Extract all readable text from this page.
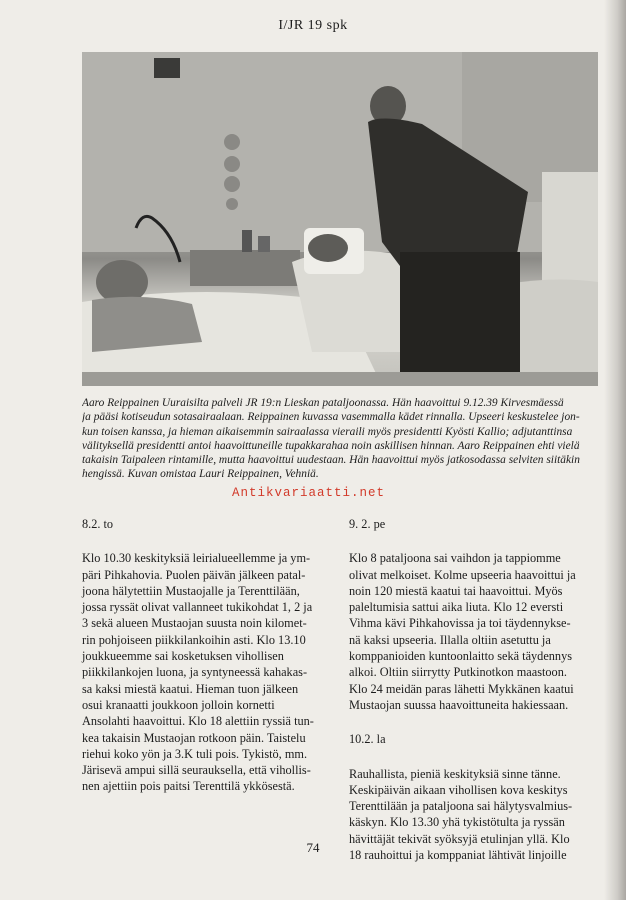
I/JR 19 spk
Aaro Reippainen Uuraisilta palveli JR 19:n Lieskan pataljoonassa. Hän haavoittui 9.12.39 Kirvesmäessä
ja pääsi kotiseudun sotasairaalaan. Reippainen kuvassa vasemmalla kädet rinnalla. Upseeri keskustelee jon-
kun toisen kanssa, ja hieman aikaisemmin sairaalassa vieraili myös presidentti Kyösti Kallio; adjutanttinsa
välityksellä presidentti antoi haavoittuneille tupakkarahaa noin askillisen hinnan. Aaro Reippainen ehti vielä
takaisin Taipaleen rintamille, mutta haavoittui uudestaan. Hän haavoittui myös jatkosodassa selviten siitäkin
hengissä. Kuvan omistaa Lauri Reippainen, Vehniä.
Antikvariaatti.net
8.2. to
Klo 10.30 keskityksiä leirialueellemme ja ym-
päri Pihkahovia. Puolen päivän jälkeen patal-
joona hälytettiin Mustaojalle ja Terenttilään,
jossa ryssät olivat vallanneet tukikohdat 1, 2 ja
3 sekä alueen Mustaojan suusta noin kilomet-
rin pohjoiseen piikkilankoihin asti. Klo 13.10
joukkueemme sai kosketuksen vihollisen
piikkilankojen luona, ja syntyneessä kahakas-
sa kaksi miestä kaatui. Hieman tuon jälkeen
osui kranaatti joukkoon jolloin kornetti
Ansolahti haavoittui. Klo 18 alettiin ryssiä tun-
kea takaisin Mustaojan rotkoon päin. Taistelu
riehui koko yön ja 3.K tuli pois. Tykistö, mm.
Järisevä ampui sillä seurauksella, että vihollis-
nen ajettiin pois paitsi Terenttilä ykkösestä.
9. 2. pe
Klo 8 pataljoona sai vaihdon ja tappiomme
olivat melkoiset. Kolme upseeria haavoittui ja
noin 120 miestä kaatui tai haavoittui. Myös
paleltumisia sattui aika liuta. Klo 12 eversti
Vihma kävi Pihkahovissa ja toi täydennykse-
nä kaksi upseeria. Illalla oltiin asetuttu ja
komppanioiden kuntoonlaitto sekä täydennys
alkoi. Oltiin siirrytty Putkinotkon maastoon.
Klo 24 meidän paras lähetti Mykkänen kaatui
Mustaojan suussa haavoittuneita hakiessaan.
10.2. la
Rauhallista, pieniä keskityksiä sinne tänne.
Keskipäivän aikaan vihollisen kova keskitys
Terenttilään ja pataljoona sai hälytysvalmius-
käskyn. Klo 13.30 yhä tykistötulta ja ryssän
hävittäjät tekivät syöksyjä etulinjan yllä. Klo
18 rauhoittui ja komppaniat lähtivät linjoille
74
